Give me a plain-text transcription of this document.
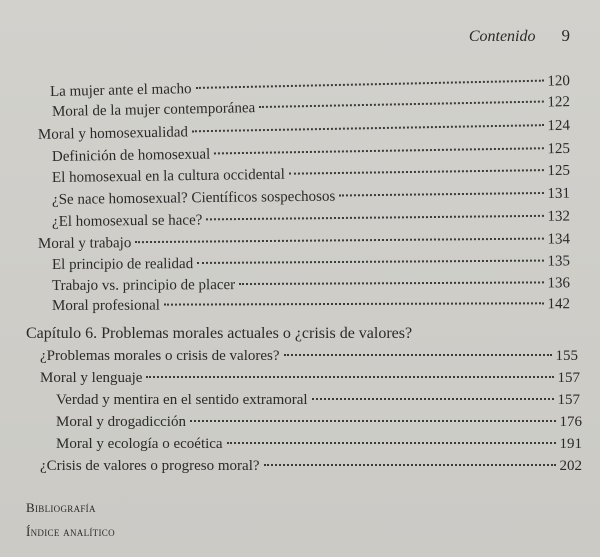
Contenido 9
La mujer ante el macho	120
Moral de la mujer contemporánea	122
Moral y homosexualidad	124
Definición de homosexual	125
El homosexual en la cultura occidental	125
¿Se nace homosexual? Científicos sospechosos	131
¿El homosexual se hace?	132
Moral y trabajo	134
El principio de realidad	135
Trabajo vs. principio de placer	136
Moral profesional	142
Capítulo 6. Problemas morales actuales o ¿crisis de valores?
¿Problemas morales o crisis de valores?	155
Moral y lenguaje	157
Verdad y mentira en el sentido extramoral	157
Moral y drogadicción	176
Moral y ecología o ecoética	191
¿Crisis de valores o progreso moral?	202
Bibliografía
Índice analítico
